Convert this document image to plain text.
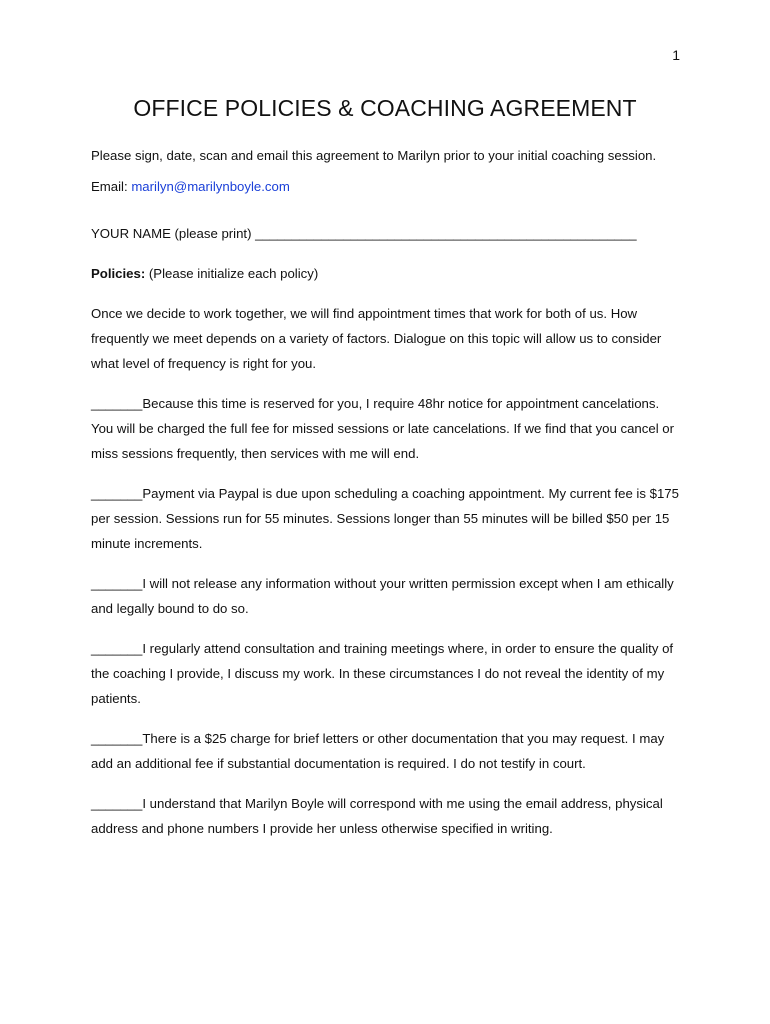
1
OFFICE POLICIES & COACHING AGREEMENT

Please sign, date, scan and email this agreement to Marilyn prior to your initial coaching session. Email: marilyn@marilynboyle.com

YOUR NAME (please print) ____________________________________________________

Policies: (Please initialize each policy)

Once we decide to work together, we will find appointment times that work for both of us. How frequently we meet depends on a variety of factors. Dialogue on this topic will allow us to consider what level of frequency is right for you.

_______Because this time is reserved for you, I require 48hr notice for appointment cancelations. You will be charged the full fee for missed sessions or late cancelations. If we find that you cancel or miss sessions frequently, then services with me will end.

_______Payment via Paypal is due upon scheduling a coaching appointment. My current fee is $175 per session. Sessions run for 55 minutes. Sessions longer than 55 minutes will be billed $50 per 15 minute increments.

_______I will not release any information without your written permission except when I am ethically and legally bound to do so.

_______I regularly attend consultation and training meetings where, in order to ensure the quality of the coaching I provide, I discuss my work. In these circumstances I do not reveal the identity of my patients.

_______There is a $25 charge for brief letters or other documentation that you may request. I may add an additional fee if substantial documentation is required. I do not testify in court.

_______I understand that Marilyn Boyle will correspond with me using the email address, physical address and phone numbers I provide her unless otherwise specified in writing.
